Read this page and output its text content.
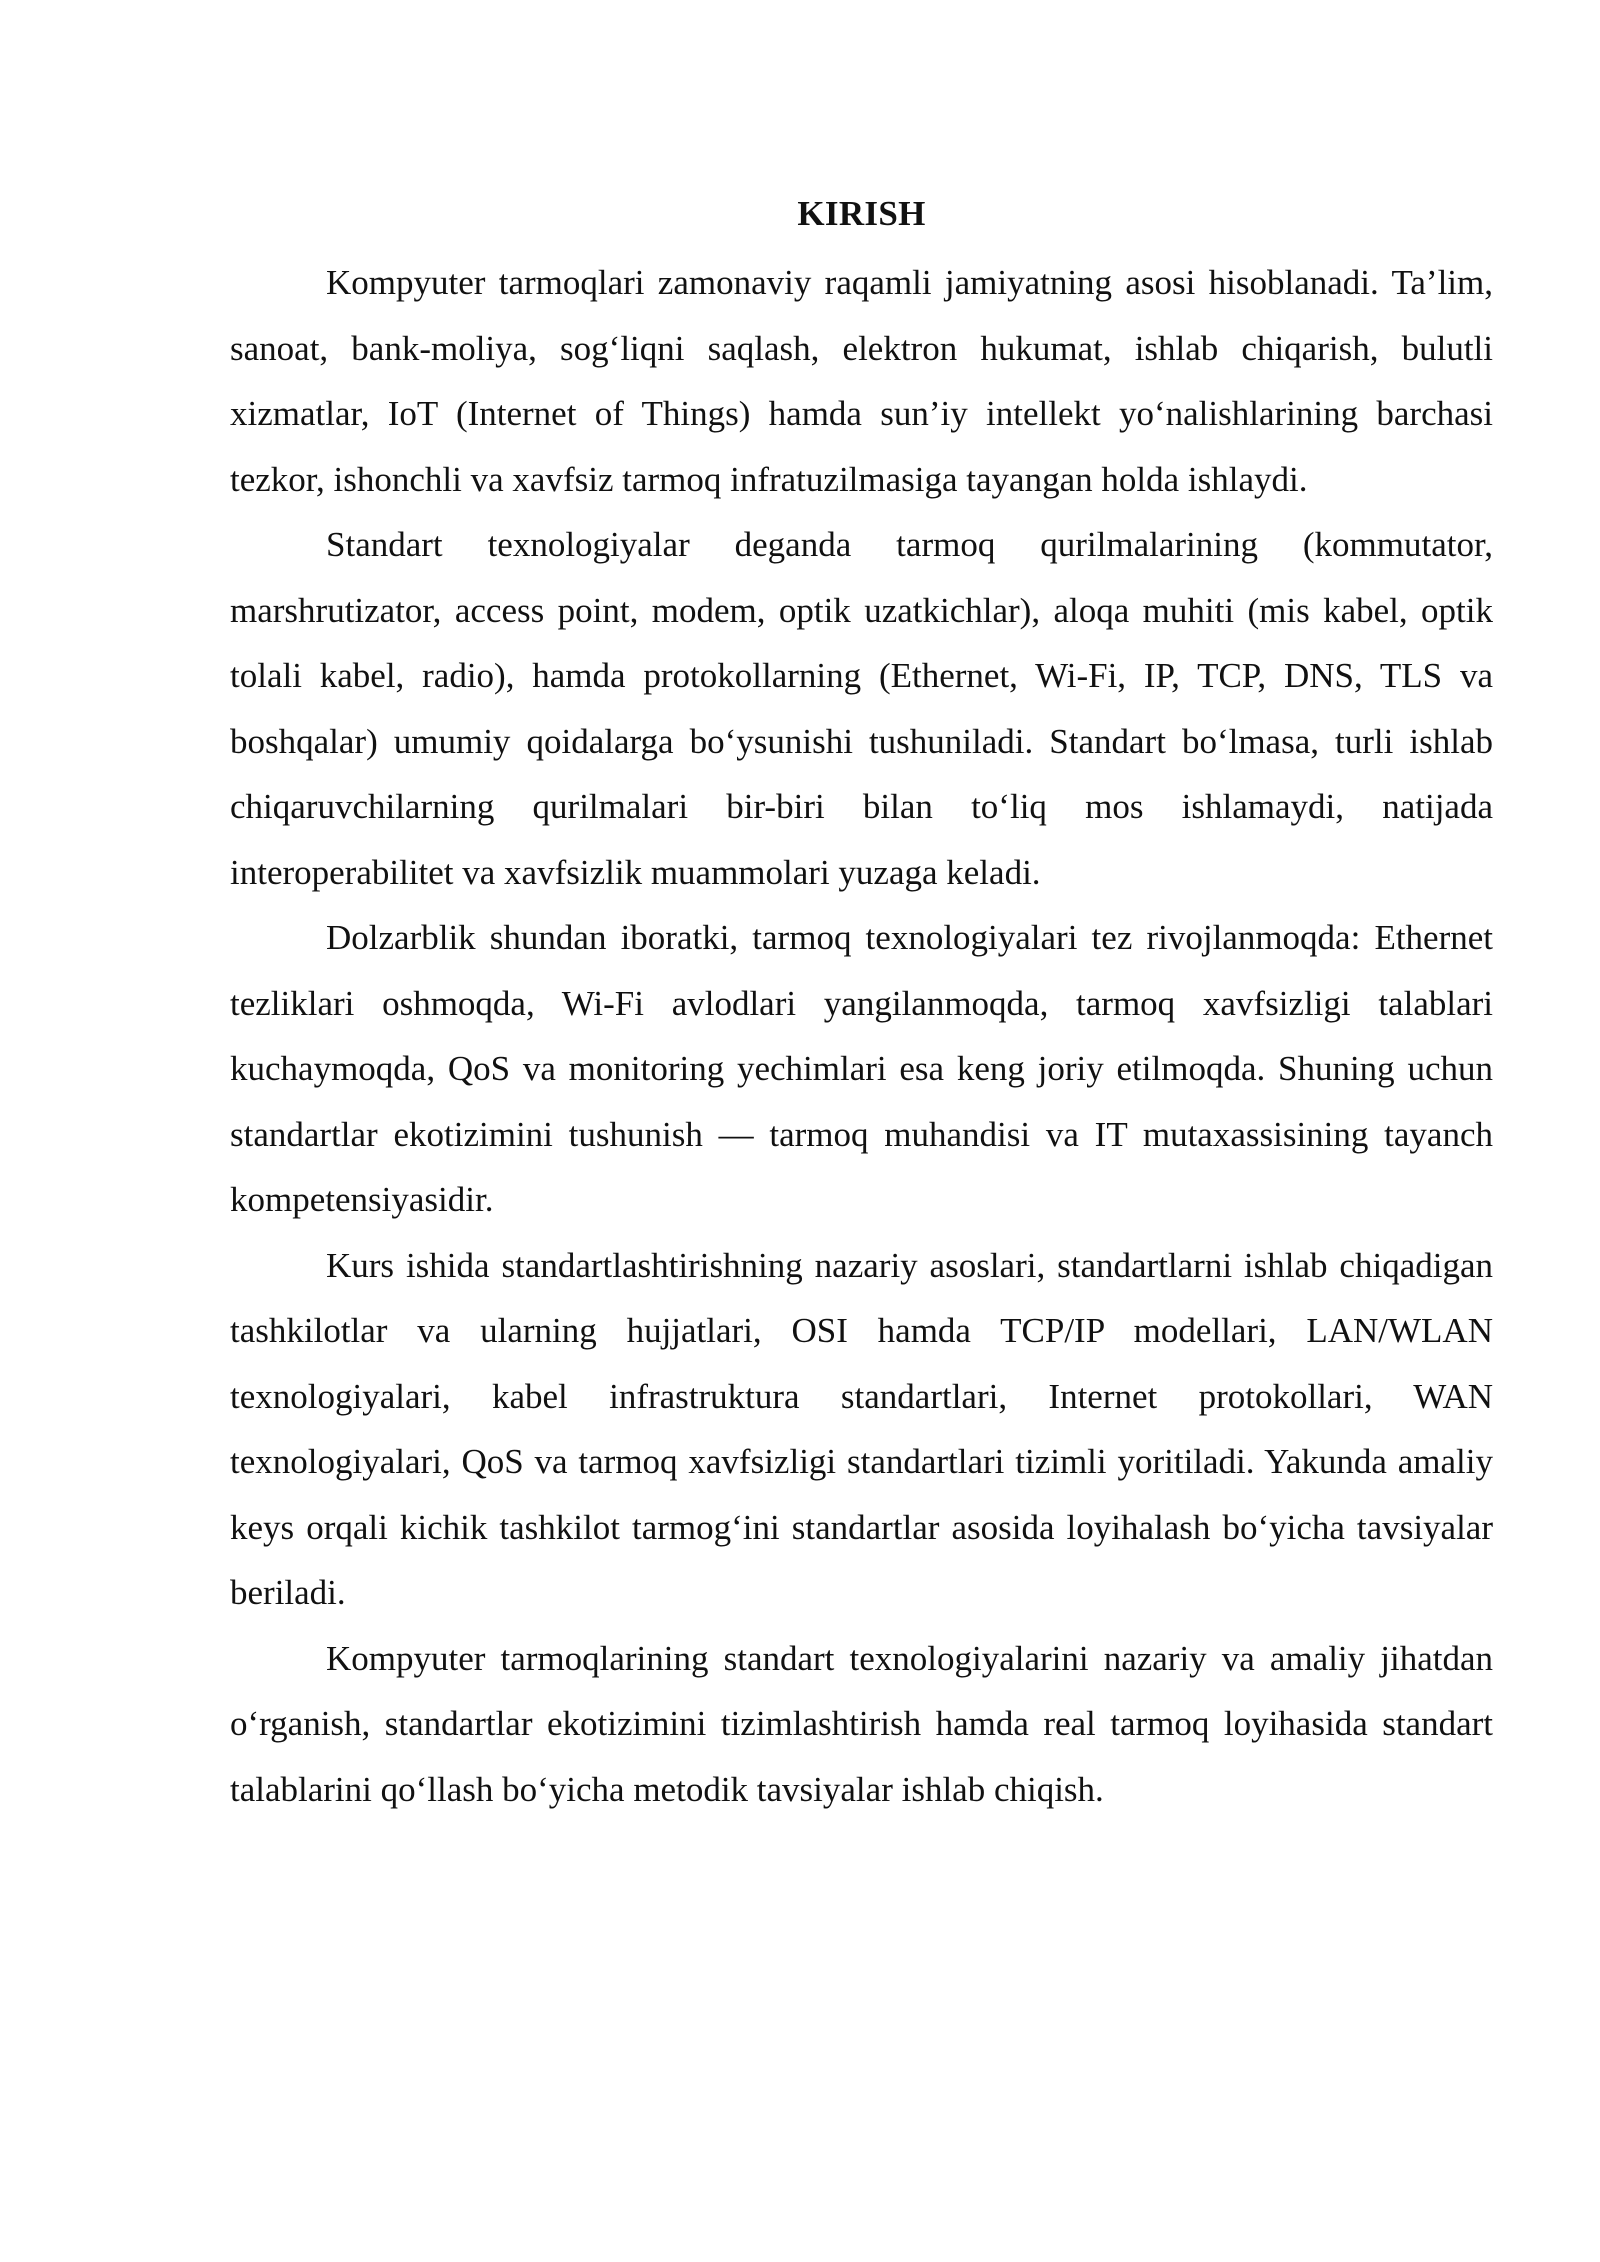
KIRISH

Kompyuter tarmoqlari zamonaviy raqamli jamiyatning asosi hisoblanadi. Ta’lim, sanoat, bank-moliya, sog‘liqni saqlash, elektron hukumat, ishlab chiqarish, bulutli xizmatlar, IoT (Internet of Things) hamda sun’iy intellekt yo‘nalishlarining barchasi tezkor, ishonchli va xavfsiz tarmoq infratuzilmasiga tayangan holda ishlaydi.

Standart texnologiyalar deganda tarmoq qurilmalarining (kommutator, marshrutizator, access point, modem, optik uzatkichlar), aloqa muhiti (mis kabel, optik tolali kabel, radio), hamda protokollarning (Ethernet, Wi-Fi, IP, TCP, DNS, TLS va boshqalar) umumiy qoidalarga bo‘ysunishi tushuniladi. Standart bo‘lmasa, turli ishlab chiqaruvchilarning qurilmalari bir-biri bilan to‘liq mos ishlamaydi, natijada interoperabilitet va xavfsizlik muammolari yuzaga keladi.

Dolzarblik shundan iboratki, tarmoq texnologiyalari tez rivojlanmoqda: Ethernet tezliklari oshmoqda, Wi-Fi avlodlari yangilanmoqda, tarmoq xavfsizligi talablari kuchaymoqda, QoS va monitoring yechimlari esa keng joriy etilmoqda. Shuning uchun standartlar ekotizimini tushunish — tarmoq muhandisi va IT mutaxassisining tayanch kompetensiyasidir.

Kurs ishida standartlashtirishning nazariy asoslari, standartlarni ishlab chiqadigan tashkilotlar va ularning hujjatlari, OSI hamda TCP/IP modellari, LAN/WLAN texnologiyalari, kabel infrastruktura standartlari, Internet protokollari, WAN texnologiyalari, QoS va tarmoq xavfsizligi standartlari tizimli yoritiladi. Yakunda amaliy keys orqali kichik tashkilot tarmog‘ini standartlar asosida loyihalash bo‘yicha tavsiyalar beriladi.

Kompyuter tarmoqlarining standart texnologiyalarini nazariy va amaliy jihatdan o‘rganish, standartlar ekotizimini tizimlashtirish hamda real tarmoq loyihasida standart talablarini qo‘llash bo‘yicha metodik tavsiyalar ishlab chiqish.
